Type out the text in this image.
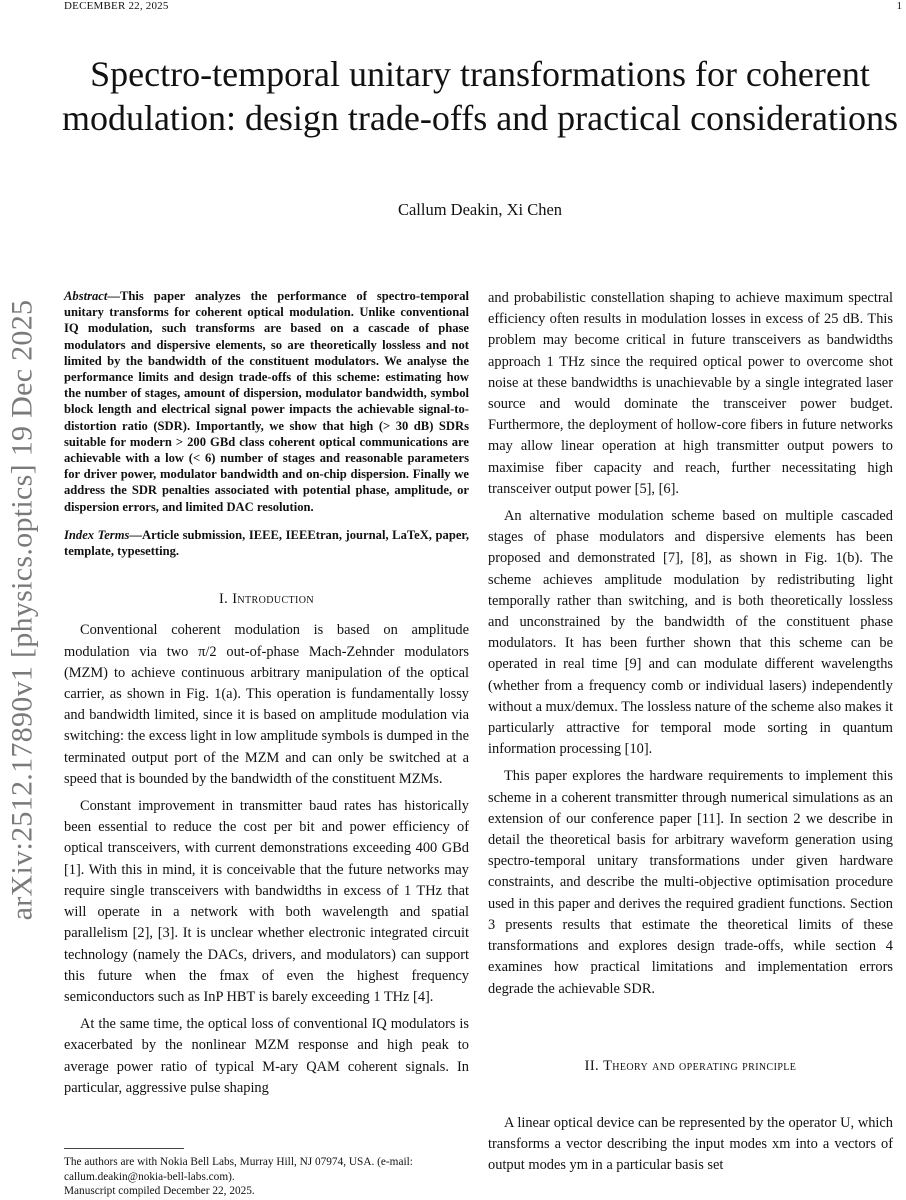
DECEMBER 22, 2025	1
Spectro-temporal unitary transformations for coherent modulation: design trade-offs and practical considerations
Callum Deakin, Xi Chen
arXiv:2512.17890v1 [physics.optics] 19 Dec 2025

Abstract—This paper analyzes the performance of spectro-temporal unitary transforms for coherent optical modulation. Unlike conventional IQ modulation, such transforms are based on a cascade of phase modulators and dispersive elements, so are theoretically lossless and not limited by the bandwidth of the constituent modulators. We analyse the performance limits and design trade-offs of this scheme: estimating how the number of stages, amount of dispersion, modulator bandwidth, symbol block length and electrical signal power impacts the achievable signal-to-distortion ratio (SDR). Importantly, we show that high (> 30 dB) SDRs suitable for modern > 200 GBd class coherent optical communications are achievable with a low (< 6) number of stages and reasonable parameters for driver power, modulator bandwidth and on-chip dispersion. Finally we address the SDR penalties associated with potential phase, amplitude, or dispersion errors, and limited DAC resolution.

Index Terms—Article submission, IEEE, IEEEtran, journal, LaTeX, paper, template, typesetting.

I. Introduction

Conventional coherent modulation is based on amplitude modulation via two π/2 out-of-phase Mach-Zehnder modulators (MZM) to achieve continuous arbitrary manipulation of the optical carrier, as shown in Fig. 1(a). This operation is fundamentally lossy and bandwidth limited, since it is based on amplitude modulation via switching: the excess light in low amplitude symbols is dumped in the terminated output port of the MZM and can only be switched at a speed that is bounded by the bandwidth of the constituent MZMs.

Constant improvement in transmitter baud rates has historically been essential to reduce the cost per bit and power efficiency of optical transceivers, with current demonstrations exceeding 400 GBd [1]. With this in mind, it is conceivable that the future networks may require single transceivers with bandwidths in excess of 1 THz that will operate in a network with both wavelength and spatial parallelism [2], [3]. It is unclear whether electronic integrated circuit technology (namely the DACs, drivers, and modulators) can support this future when the fmax of even the highest frequency semiconductors such as InP HBT is barely exceeding 1 THz [4].

At the same time, the optical loss of conventional IQ modulators is exacerbated by the nonlinear MZM response and high peak to average power ratio of typical M-ary QAM coherent signals. In particular, aggressive pulse shaping

and probabilistic constellation shaping to achieve maximum spectral efficiency often results in modulation losses in excess of 25 dB. This problem may become critical in future transceivers as bandwidths approach 1 THz since the required optical power to overcome shot noise at these bandwidths is unachievable by a single integrated laser source and would dominate the transceiver power budget. Furthermore, the deployment of hollow-core fibers in future networks may allow linear operation at high transmitter output powers to maximise fiber capacity and reach, further necessitating high transceiver output power [5], [6].

An alternative modulation scheme based on multiple cascaded stages of phase modulators and dispersive elements has been proposed and demonstrated [7], [8], as shown in Fig. 1(b). The scheme achieves amplitude modulation by redistributing light temporally rather than switching, and is both theoretically lossless and unconstrained by the bandwidth of the constituent phase modulators. It has been further shown that this scheme can be operated in real time [9] and can modulate different wavelengths (whether from a frequency comb or individual lasers) independently without a mux/demux. The lossless nature of the scheme also makes it particularly attractive for temporal mode sorting in quantum information processing [10].

This paper explores the hardware requirements to implement this scheme in a coherent transmitter through numerical simulations as an extension of our conference paper [11]. In section 2 we describe in detail the theoretical basis for arbitrary waveform generation using spectro-temporal unitary transformations under given hardware constraints, and describe the multi-objective optimisation procedure used in this paper and derives the required gradient functions. Section 3 presents results that estimate the theoretical limits of these transformations and explores design trade-offs, while section 4 examines how practical limitations and implementation errors degrade the achievable SDR.

II. Theory and operating principle

A linear optical device can be represented by the operator U, which transforms a vector describing the input modes xm into a vectors of output modes ym in a particular basis set

The authors are with Nokia Bell Labs, Murray Hill, NJ 07974, USA. (e-mail: callum.deakin@nokia-bell-labs.com).

Manuscript compiled December 22, 2025.
